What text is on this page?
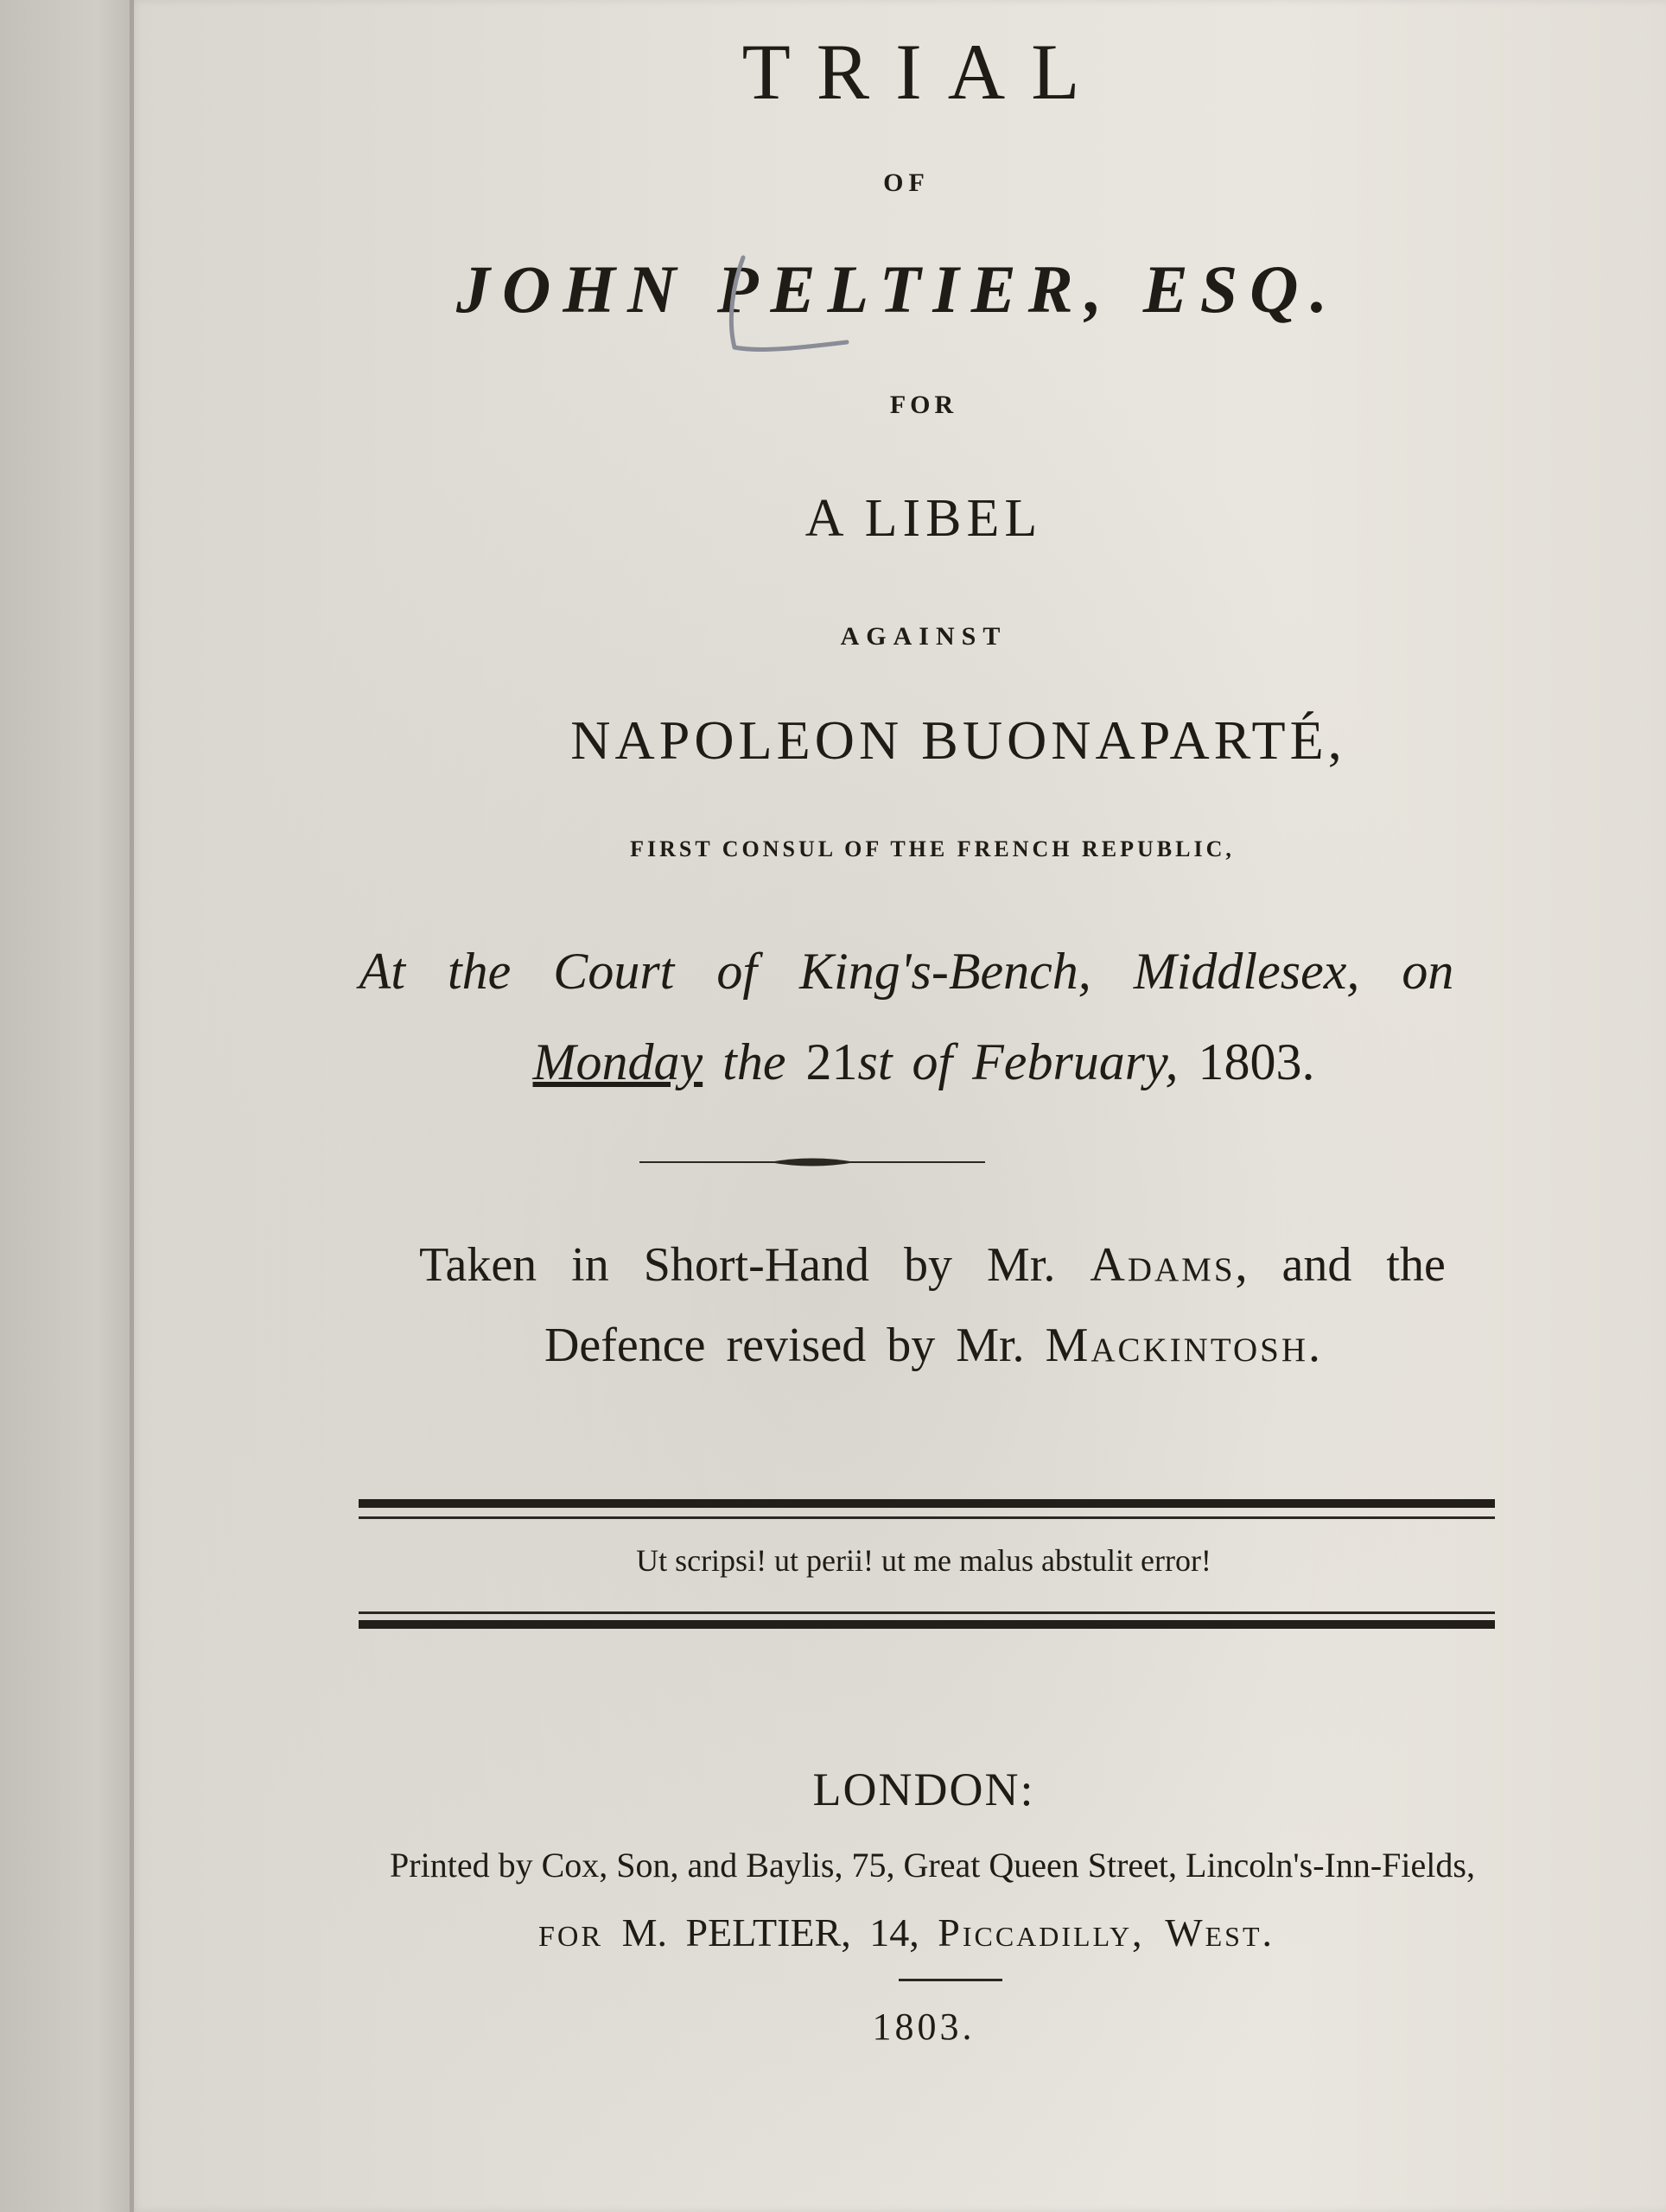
TRIAL
OF
JOHN PELTIER, ESQ.
FOR
A LIBEL
AGAINST
NAPOLEON BUONAPARTÉ,
FIRST CONSUL OF THE FRENCH REPUBLIC,
At the Court of King's-Bench, Middlesex, on
Monday the 21st of February, 1803.
Taken in Short-Hand by Mr. Adams, and the
Defence revised by Mr. Mackintosh.
Ut scripsi! ut perii! ut me malus abstulit error!
LONDON:
Printed by Cox, Son, and Baylis, 75, Great Queen Street, Lincoln's-Inn-Fields,
FOR M. PELTIER, 14, Piccadilly, West.
1803.
